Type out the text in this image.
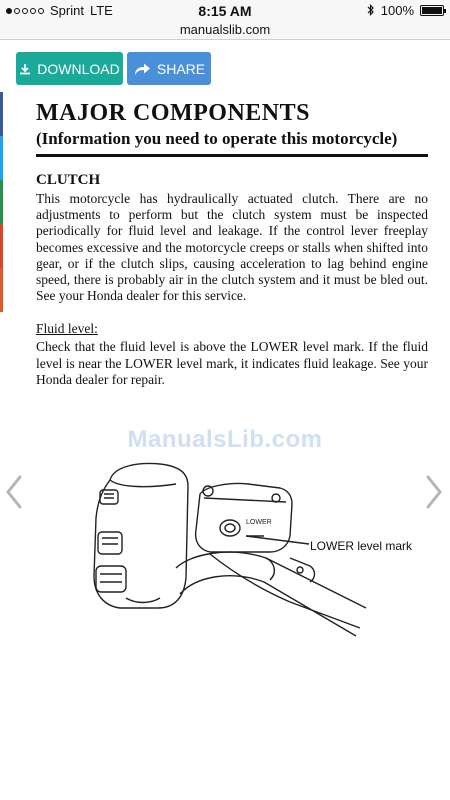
Sprint LTE	8:15 AM	100%
manualslib.com
DOWNLOAD	SHARE
MAJOR COMPONENTS
(Information you need to operate this motorcycle)
CLUTCH

This motorcycle has hydraulically actuated clutch. There are no adjustments to perform but the clutch system must be inspected periodically for fluid level and leakage. If the control lever freeplay becomes excessive and the motorcycle creeps or stalls when shifted into gear, or if the clutch slips, causing acceleration to lag behind engine speed, there is probably air in the clutch system and it must be bled out. See your Honda dealer for this service.

Fluid level:

Check that the fluid level is above the LOWER level mark. If the fluid level is near the LOWER level mark, it indicates fluid leakage. See your Honda dealer for repair.

ManualsLib.com
LOWER
LOWER level mark
